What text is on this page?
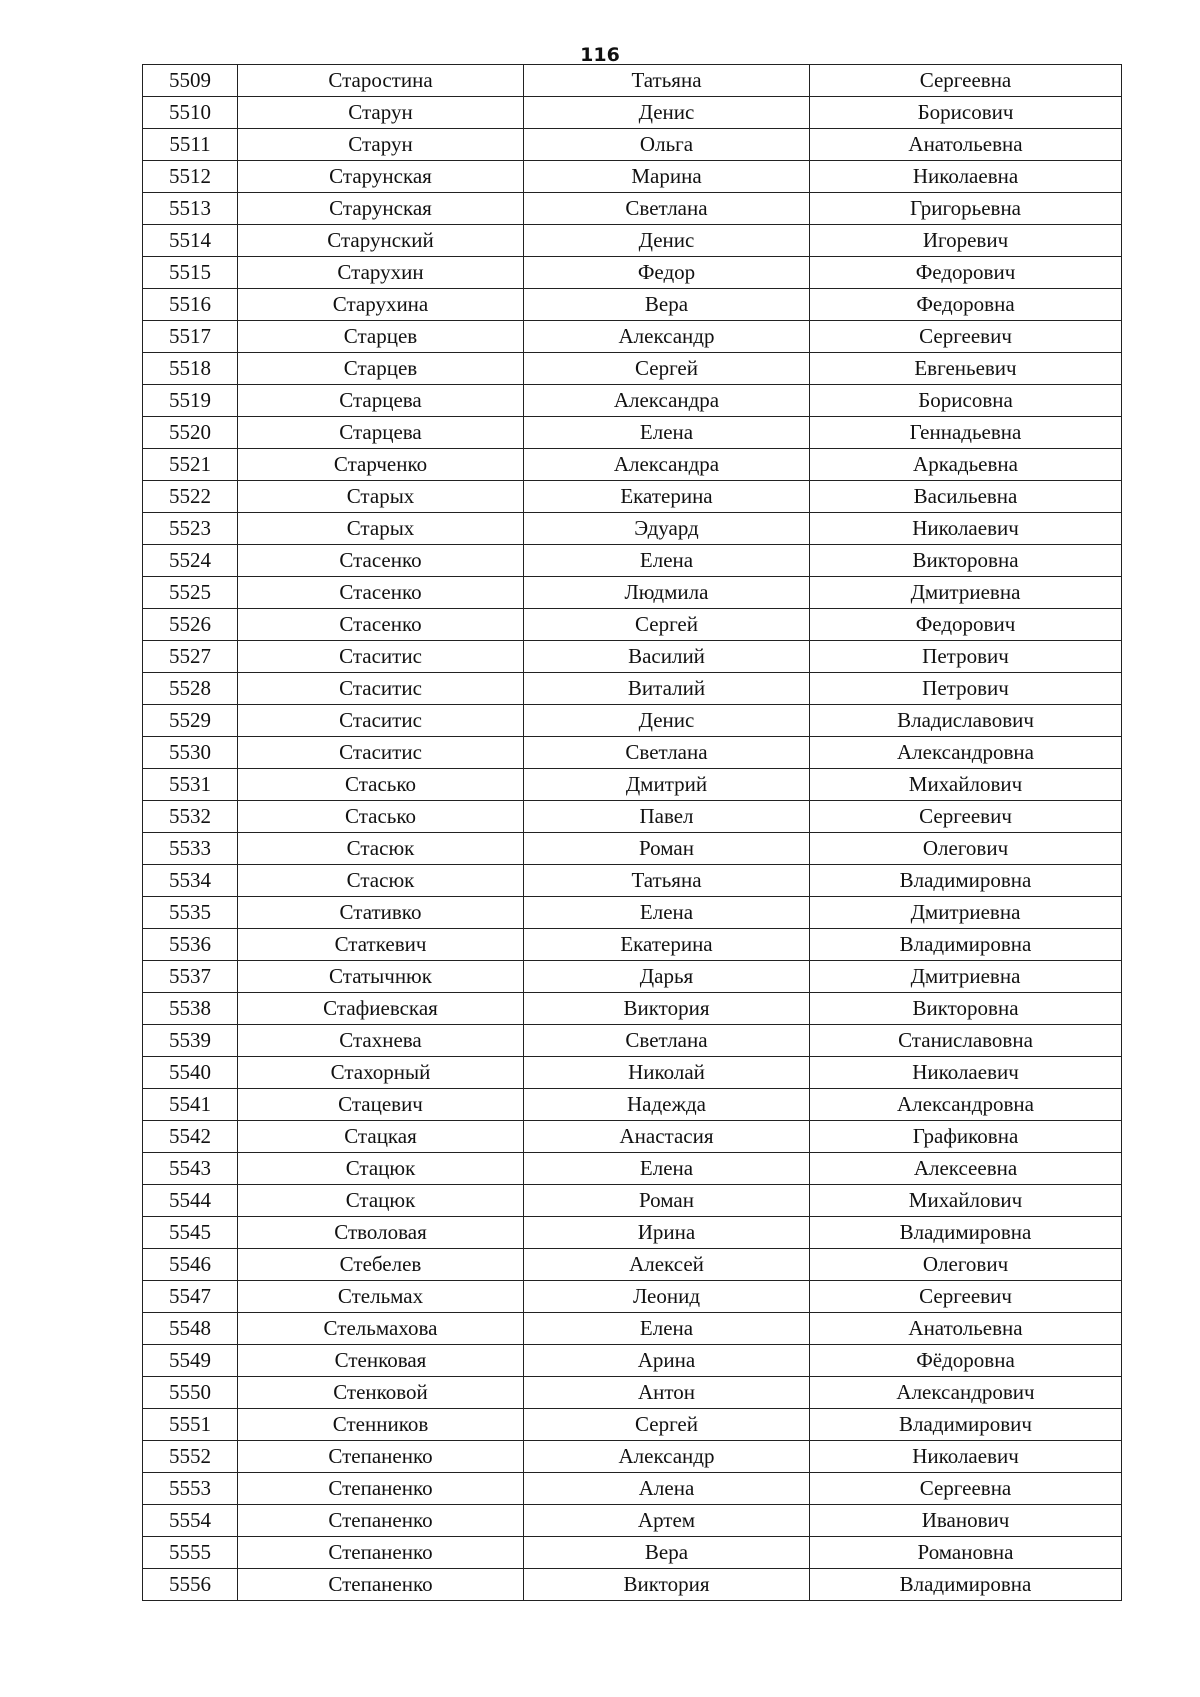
116
5509	Старостина	Татьяна	Сергеевна
5510	Старун	Денис	Борисович
5511	Старун	Ольга	Анатольевна
5512	Старунская	Марина	Николаевна
5513	Старунская	Светлана	Григорьевна
5514	Старунский	Денис	Игоревич
5515	Старухин	Федор	Федорович
5516	Старухина	Вера	Федоровна
5517	Старцев	Александр	Сергеевич
5518	Старцев	Сергей	Евгеньевич
5519	Старцева	Александра	Борисовна
5520	Старцева	Елена	Геннадьевна
5521	Старченко	Александра	Аркадьевна
5522	Старых	Екатерина	Васильевна
5523	Старых	Эдуард	Николаевич
5524	Стасенко	Елена	Викторовна
5525	Стасенко	Людмила	Дмитриевна
5526	Стасенко	Сергей	Федорович
5527	Стаситис	Василий	Петрович
5528	Стаситис	Виталий	Петрович
5529	Стаситис	Денис	Владиславович
5530	Стаситис	Светлана	Александровна
5531	Стасько	Дмитрий	Михайлович
5532	Стасько	Павел	Сергеевич
5533	Стасюк	Роман	Олегович
5534	Стасюк	Татьяна	Владимировна
5535	Стативко	Елена	Дмитриевна
5536	Статкевич	Екатерина	Владимировна
5537	Статычнюк	Дарья	Дмитриевна
5538	Стафиевская	Виктория	Викторовна
5539	Стахнева	Светлана	Станиславовна
5540	Стахорный	Николай	Николаевич
5541	Стацевич	Надежда	Александровна
5542	Стацкая	Анастасия	Графиковна
5543	Стацюк	Елена	Алексеевна
5544	Стацюк	Роман	Михайлович
5545	Стволовая	Ирина	Владимировна
5546	Стебелев	Алексей	Олегович
5547	Стельмах	Леонид	Сергеевич
5548	Стельмахова	Елена	Анатольевна
5549	Стенковая	Арина	Фёдоровна
5550	Стенковой	Антон	Александрович
5551	Стенников	Сергей	Владимирович
5552	Степаненко	Александр	Николаевич
5553	Степаненко	Алена	Сергеевна
5554	Степаненко	Артем	Иванович
5555	Степаненко	Вера	Романовна
5556	Степаненко	Виктория	Владимировна
